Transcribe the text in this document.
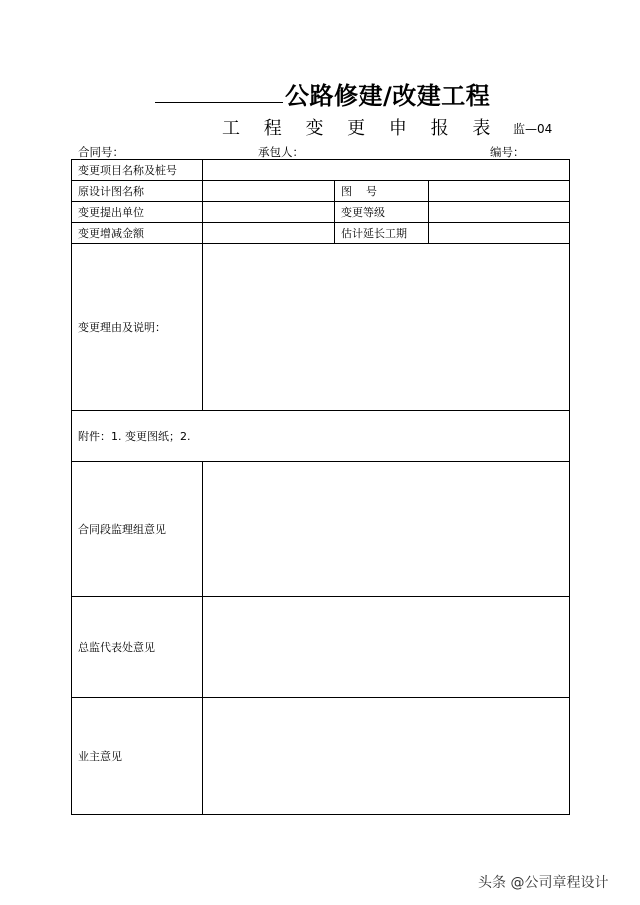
公路修建/改建工程
工 程 变 更 申 报 表 监—04
合同号：	承包人：	编号：
变更项目名称及桩号			
原设计图名称		图号	
变更提出单位		变更等级	
变更增减金额		估计延长工期	
变更理由及说明：			
附件：1. 变更图纸；2.			
合同段监理组意见			
总监代表处意见			
业主意见			
头条 @公司章程设计
